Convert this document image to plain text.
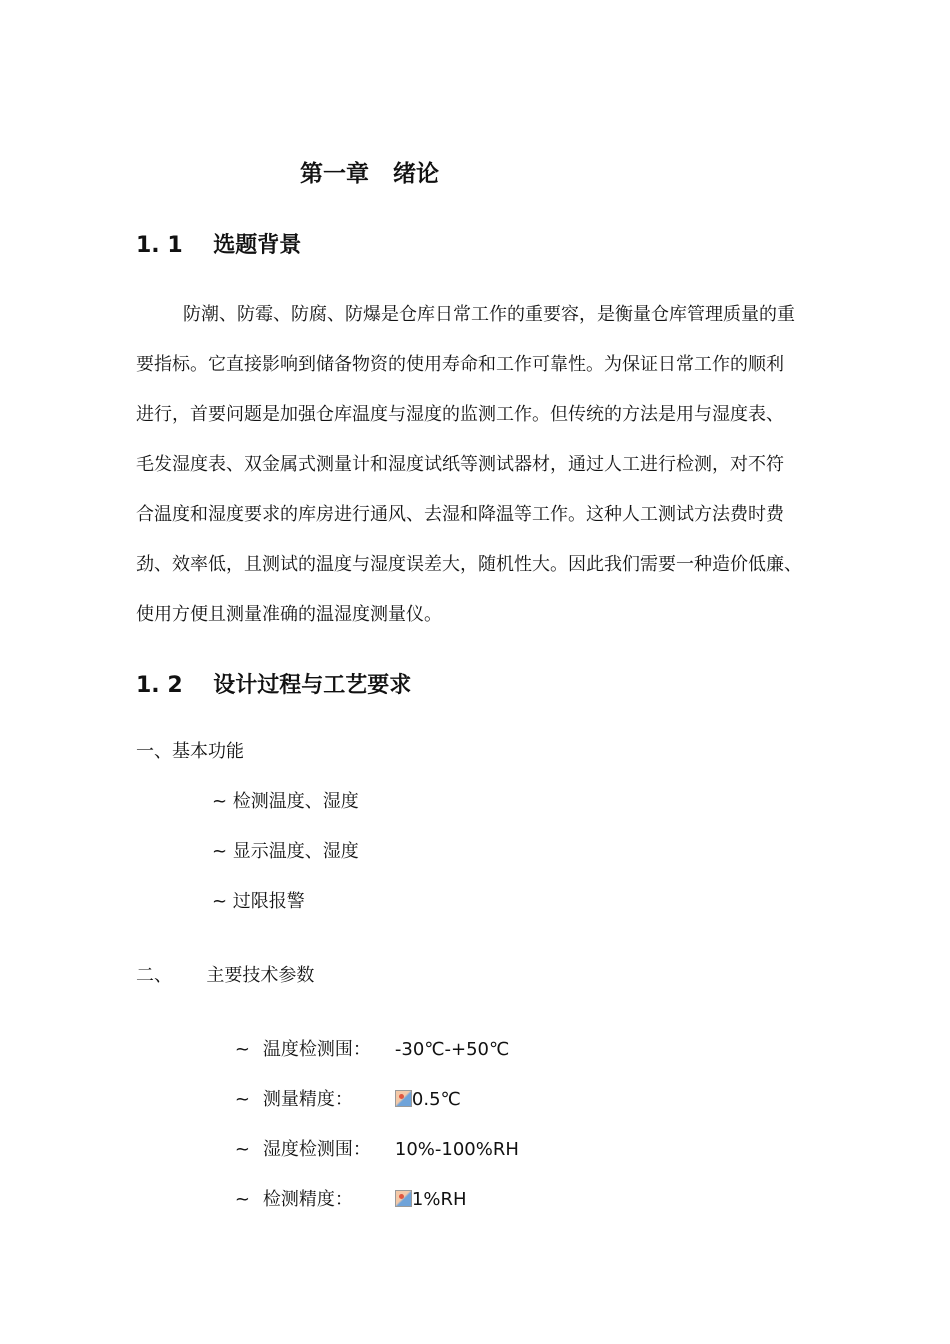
第一章   绪论
1. 1    选题背景
防潮、防霉、防腐、防爆是仓库日常工作的重要容，是衡量仓库管理质量的重
要指标。它直接影响到储备物资的使用寿命和工作可靠性。为保证日常工作的顺利
进行，首要问题是加强仓库温度与湿度的监测工作。但传统的方法是用与湿度表、
毛发湿度表、双金属式测量计和湿度试纸等测试器材，通过人工进行检测，对不符
合温度和湿度要求的库房进行通风、去湿和降温等工作。这种人工测试方法费时费
劲、效率低，且测试的温度与湿度误差大，随机性大。因此我们需要一种造价低廉、
使用方便且测量准确的温湿度测量仪。
1. 2    设计过程与工艺要求
一、基本功能
~ 检测温度、湿度
~ 显示温度、湿度
~ 过限报警
二、      主要技术参数

~ 温度检测围： -30℃-+50℃

~ 测量精度：	0.5℃

~ 湿度检测围： 10%-100%RH

~ 检测精度：	1%RH
